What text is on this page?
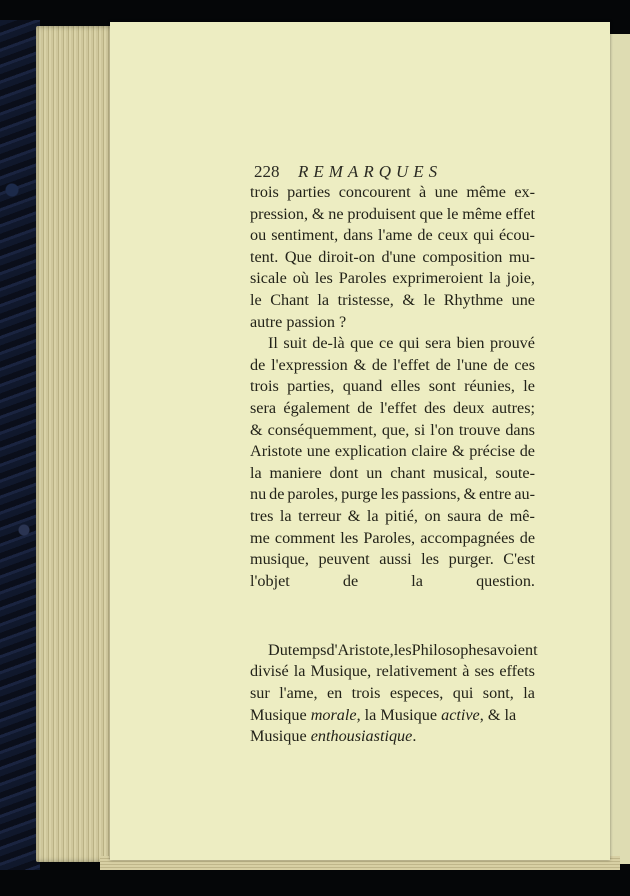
228 REMARQUES
trois parties concourent à une même ex-
pression, & ne produisent que le même effet
ou sentiment, dans l'ame de ceux qui écou-
tent. Que diroit-on d'une composition mu-
sicale où les Paroles exprimeroient la joie,
le Chant la tristesse, & le Rhythme une
autre passion ?
Il suit de-là que ce qui sera bien prouvé
de l'expression & de l'effet de l'une de ces
trois parties, quand elles sont réunies, le
sera également de l'effet des deux autres;
& conséquemment, que, si l'on trouve dans
Aristote une explication claire & précise de
la maniere dont un chant musical, soute-
nu de paroles, purge les passions, & entre au-
tres la terreur & la pitié, on saura de mê-
me comment les Paroles, accompagnées de
musique, peuvent aussi les purger. C'est
l'objet	de	la	question.
Du temps d'Aristote, les Philosophes avoient
divisé la Musique, relativement à ses effets
sur l'ame, en trois especes, qui sont, la
Musique morale, la Musique active, & la
Musique enthousiastique.
